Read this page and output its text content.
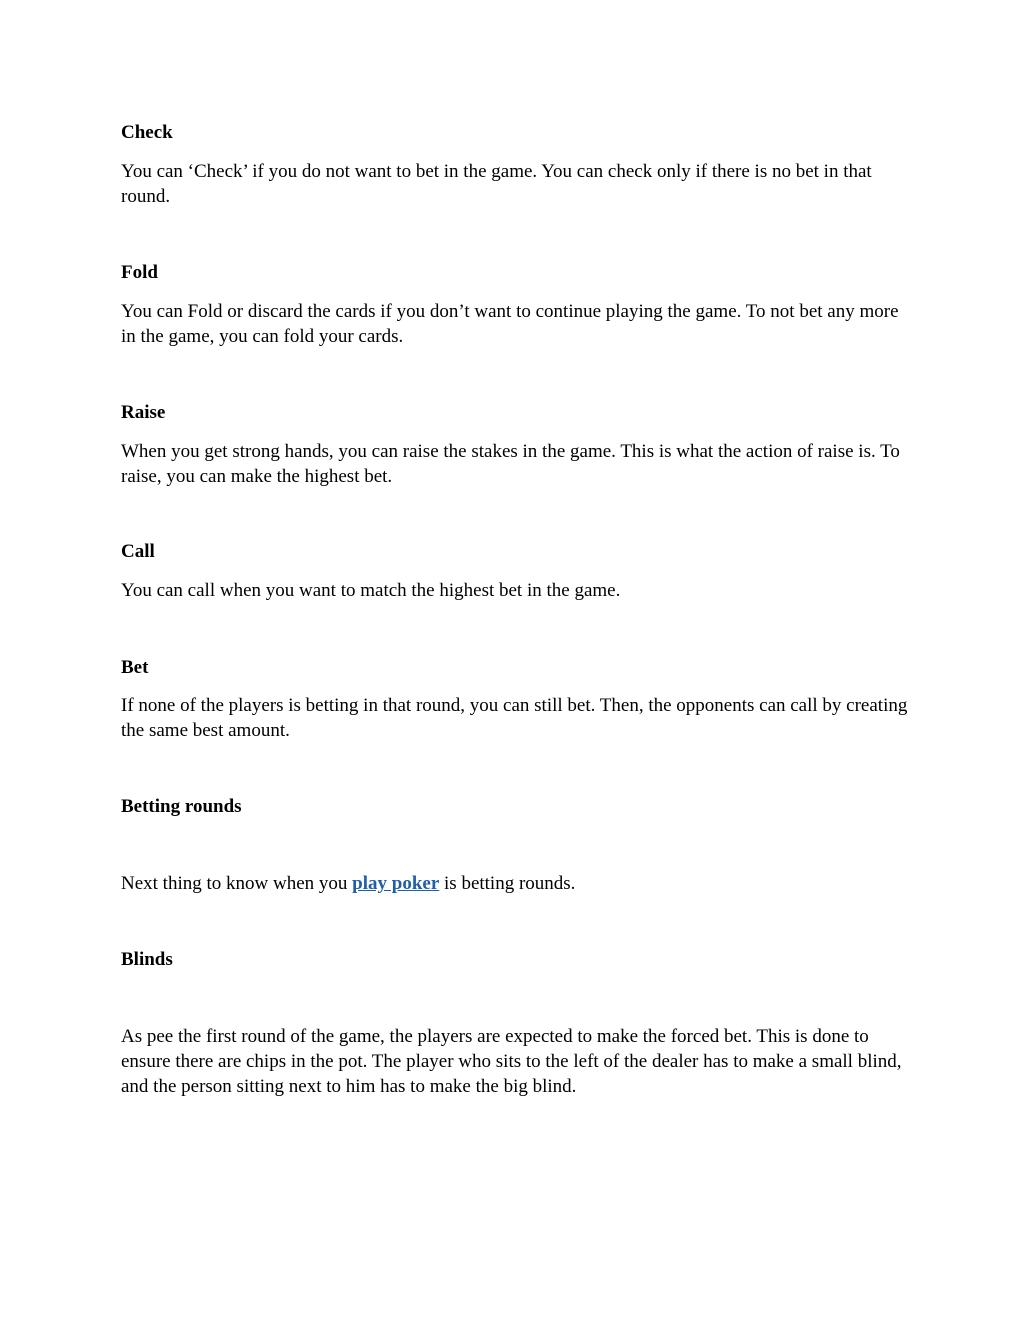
Check
You can ‘Check’ if you do not want to bet in the game. You can check only if there is no bet in that round.
Fold
You can Fold or discard the cards if you don’t want to continue playing the game. To not bet any more in the game, you can fold your cards.
Raise
When you get strong hands, you can raise the stakes in the game. This is what the action of raise is. To raise, you can make the highest bet.
Call
You can call when you want to match the highest bet in the game.
Bet
If none of the players is betting in that round, you can still bet. Then, the opponents can call by creating the same best amount.
Betting rounds
Next thing to know when you play poker is betting rounds.
Blinds
As pee the first round of the game, the players are expected to make the forced bet. This is done to ensure there are chips in the pot. The player who sits to the left of the dealer has to make a small blind, and the person sitting next to him has to make the big blind.
